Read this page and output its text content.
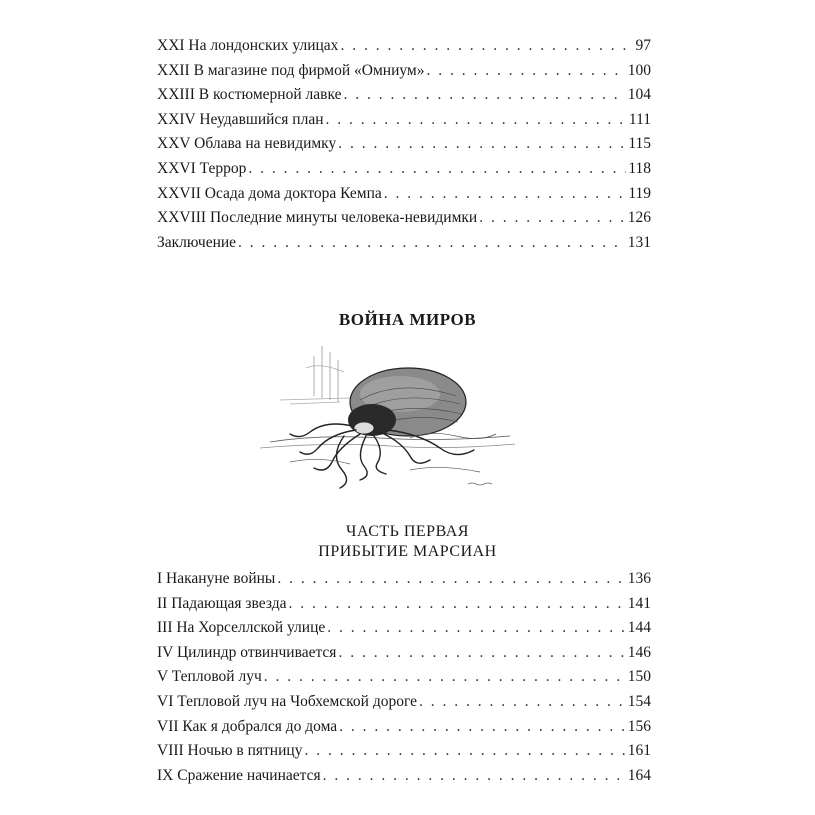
XXI На лондонских улицах . . .	97
XXII В магазине под фирмой «Омниум» . . .	100
XXIII В костюмерной лавке . . .	104
XXIV Неудавшийся план . . .	111
XXV Облава на невидимку . . .	115
XXVI Террор . . .	118
XXVII Осада дома доктора Кемпа . . .	119
XXVIII Последние минуты человека-невидимки . . .	126
Заключение . . .	131
ВОЙНА МИРОВ
ЧАСТЬ ПЕРВАЯ
ПРИБЫТИЕ МАРСИАН
I Накануне войны . . .	136
II Падающая звезда . . .	141
III На Хорселлской улице . . .	144
IV Цилиндр отвинчивается . . .	146
V Тепловой луч . . .	150
VI Тепловой луч на Чобхемской дороге . . .	154
VII Как я добрался до дома . . .	156
VIII Ночью в пятницу . . .	161
IX Сражение начинается . . .	164
